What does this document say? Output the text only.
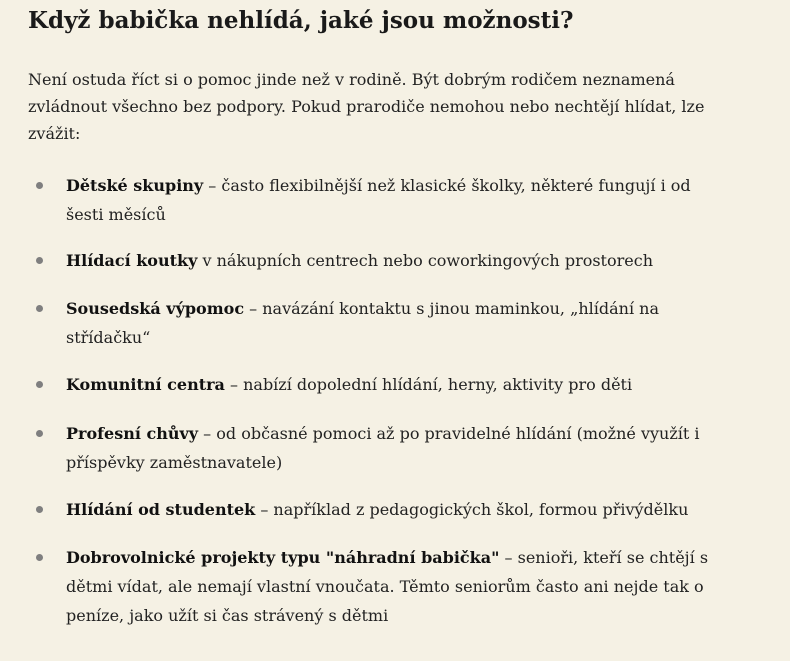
Když babička nehlídá, jaké jsou možnosti?

Není ostuda říct si o pomoc jinde než v rodině. Být dobrým rodičem neznamená
zvládnout všechno bez podpory. Pokud prarodiče nemohou nebo nechtějí hlídat, lze
zvážit:

Dětské skupiny – často flexibilnější než klasické školky, některé fungují i od
šesti měsíců
Hlídací koutky v nákupních centrech nebo coworkingových prostorech
Sousedská výpomoc – navázání kontaktu s jinou maminkou, „hlídání na
střídačku“
Komunitní centra – nabízí dopolední hlídání, herny, aktivity pro děti
Profesní chůvy – od občasné pomoci až po pravidelné hlídání (možné využít i
příspěvky zaměstnavatele)
Hlídání od studentek – například z pedagogických škol, formou přivýdělku
Dobrovolnické projekty typu "náhradní babička" – senioři, kteří se chtějí s
dětmi vídat, ale nemají vlastní vnoučata. Těmto seniorům často ani nejde tak o
peníze, jako užít si čas strávený s dětmi
